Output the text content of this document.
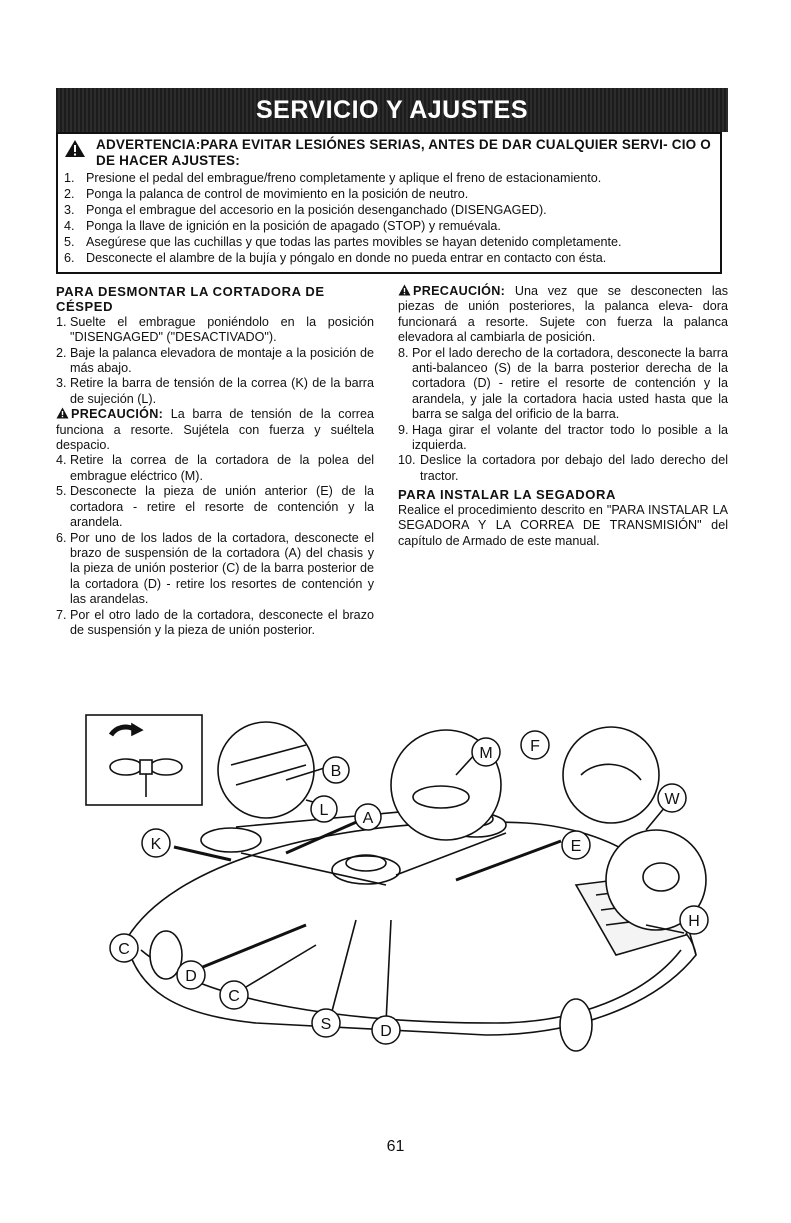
SERVICIO Y AJUSTES
ADVERTENCIA:PARA EVITAR LESIÓNES SERIAS, ANTES DE DAR CUALQUIER SERVI- CIO O DE HACER AJUSTES:
1. Presione el pedal del embrague/freno completamente y aplique el freno de estacionamiento.
2. Ponga la palanca de control de movimiento en la posición de neutro.
3. Ponga el embrague del accesorio en la posición desenganchado (DISENGAGED).
4. Ponga la llave de ignición en la posición de apagado (STOP) y remuévala.
5. Asegúrese que las cuchillas y que todas las partes movibles se hayan detenido completamente.
6. Desconecte el alambre de la bujía y póngalo en donde no pueda entrar en contacto con ésta.
PARA DESMONTAR LA CORTADORA DE CÉSPED
1. Suelte el embrague poniéndolo en la posición "DISENGAGED" ("DESACTIVADO").
2. Baje la palanca elevadora de montaje a la posición de más abajo.
3. Retire la barra de tensión de la correa (K) de la barra de sujeción (L).
PRECAUCIÓN: La barra de tensión de la correa funciona a resorte. Sujétela con fuerza y suéltela despacio.
4. Retire la correa de la cortadora de la polea del embrague eléctrico (M).
5. Desconecte la pieza de unión anterior (E) de la cortadora - retire el resorte de contención y la arandela.
6. Por uno de los lados de la cortadora, desconecte el brazo de suspensión de la cortadora (A) del chasis y la pieza de unión posterior (C) de la barra posterior de la cortadora (D) - retire los resortes de contención y las arandelas.
7. Por el otro lado de la cortadora, desconecte el brazo de suspensión y la pieza de unión posterior.
PRECAUCIÓN: Una vez que se desconecten las piezas de unión posteriores, la palanca eleva- dora funcionará a resorte. Sujete con fuerza la palanca elevadora al cambiarla de posición.
8. Por el lado derecho de la cortadora, desconecte la barra anti-balanceo (S) de la barra posterior derecha de la cortadora (D) - retire el resorte de contención y la arandela, y jale la cortadora hacia usted hasta que la barra se salga del orificio de la barra.
9. Haga girar el volante del tractor todo lo posible a la izquierda.
10. Deslice la cortadora por debajo del lado derecho del tractor.
PARA INSTALAR LA SEGADORA

Realice el procedimiento descrito en "PARA INSTALAR LA SEGADORA Y LA CORREA DE TRANSMISIÓN" del capítulo de Armado de este manual.

B
L A
K
M F
E
W
H
C
D
C
S	D
61
